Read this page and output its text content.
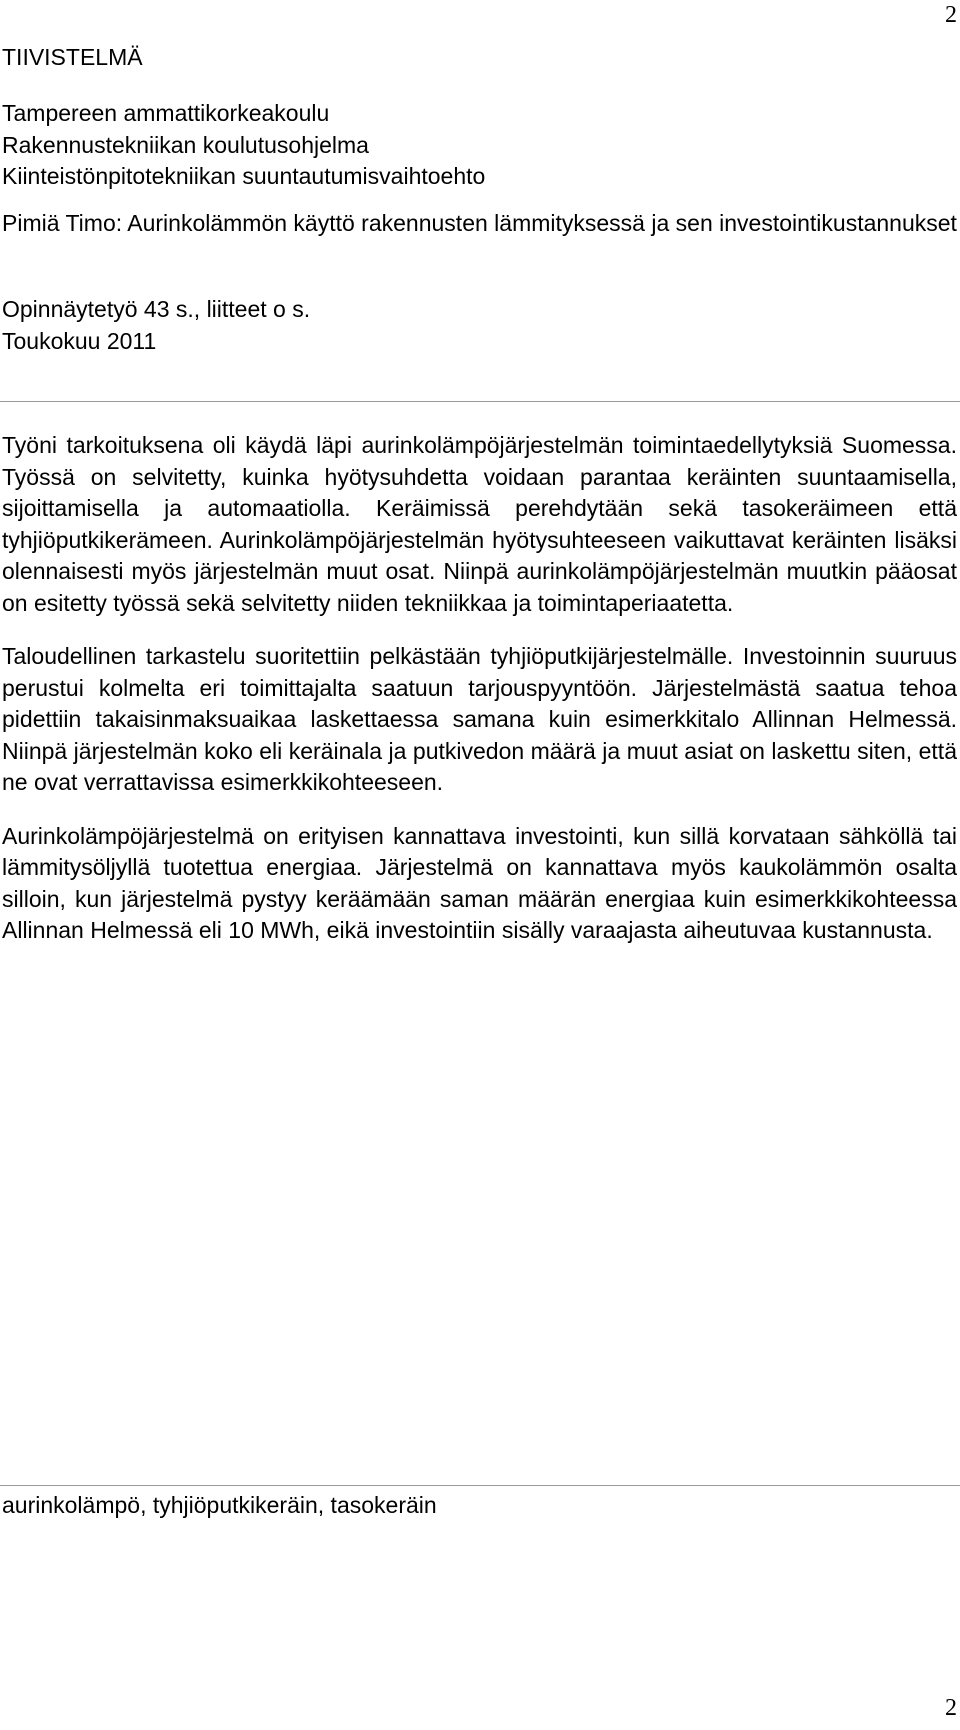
2
TIIVISTELMÄ

Tampereen ammattikorkeakoulu

Rakennustekniikan koulutusohjelma

Kiinteistönpitotekniikan suuntautumisvaihtoehto

Pimiä Timo: Aurinkolämmön käyttö rakennusten lämmityksessä ja sen investointikustannukset

Opinnäytetyö 43 s., liitteet o s.

Toukokuu 2011

Työni tarkoituksena oli käydä läpi aurinkolämpöjärjestelmän toimintaedellytyksiä Suomessa. Työssä on selvitetty, kuinka hyötysuhdetta voidaan parantaa keräinten suuntaamisella, sijoittamisella ja automaatiolla. Keräimissä perehdytään sekä tasokeräimeen että tyhjiöputkikerämeen. Aurinkolämpöjärjestelmän hyötysuhteeseen vaikuttavat keräinten lisäksi olennaisesti myös järjestelmän muut osat. Niinpä aurinkolämpöjärjestelmän muutkin pääosat on esitetty työssä sekä selvitetty niiden tekniikkaa ja toimintaperiaatetta.

Taloudellinen tarkastelu suoritettiin pelkästään tyhjiöputkijärjestelmälle. Investoinnin suuruus perustui kolmelta eri toimittajalta saatuun tarjouspyyntöön. Järjestelmästä saatua tehoa pidettiin takaisinmaksuaikaa laskettaessa samana kuin esimerkkitalo Allinnan Helmessä. Niinpä järjestelmän koko eli keräinala ja putkivedon määrä ja muut asiat on laskettu siten, että ne ovat verrattavissa esimerkkikohteeseen.

Aurinkolämpöjärjestelmä on erityisen kannattava investointi, kun sillä korvataan sähköllä tai lämmitysöljyllä tuotettua energiaa. Järjestelmä on kannattava myös kaukolämmön osalta silloin, kun järjestelmä pystyy keräämään saman määrän energiaa kuin esimerkkikohteessa Allinnan Helmessä eli 10 MWh, eikä investointiin sisälly varaajasta aiheutuvaa kustannusta.

aurinkolämpö, tyhjiöputkikeräin, tasokeräin
2
